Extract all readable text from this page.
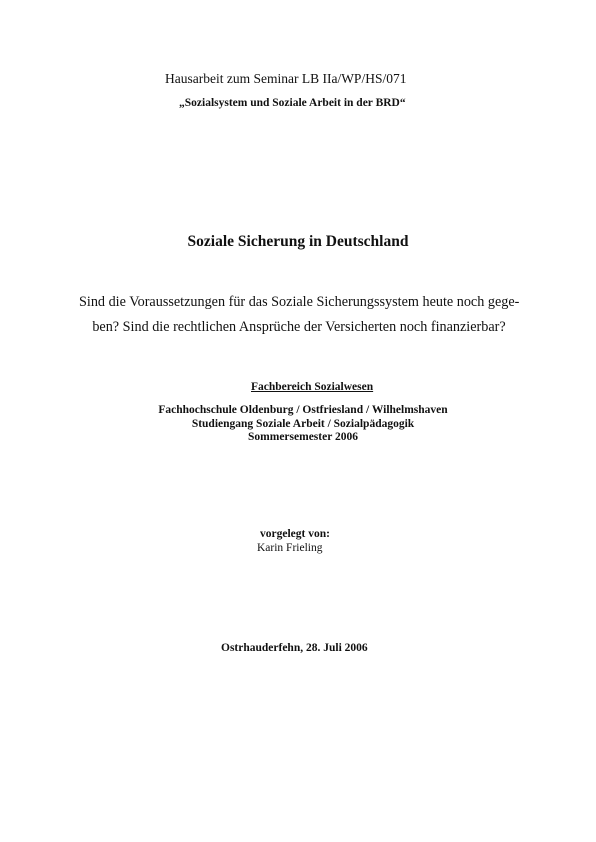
Hausarbeit zum Seminar LB IIa/WP/HS/071
„Sozialsystem und Soziale Arbeit in der BRD“
Soziale Sicherung in Deutschland
Sind die Voraussetzungen für das Soziale Sicherungssystem heute noch gege-
ben? Sind die rechtlichen Ansprüche der Versicherten noch finanzierbar?
Fachbereich Sozialwesen
Fachhochschule Oldenburg / Ostfriesland / Wilhelmshaven
Studiengang Soziale Arbeit / Sozialpädagogik
Sommersemester 2006
vorgelegt von:
Karin Frieling
Ostrhauderfehn, 28. Juli 2006
